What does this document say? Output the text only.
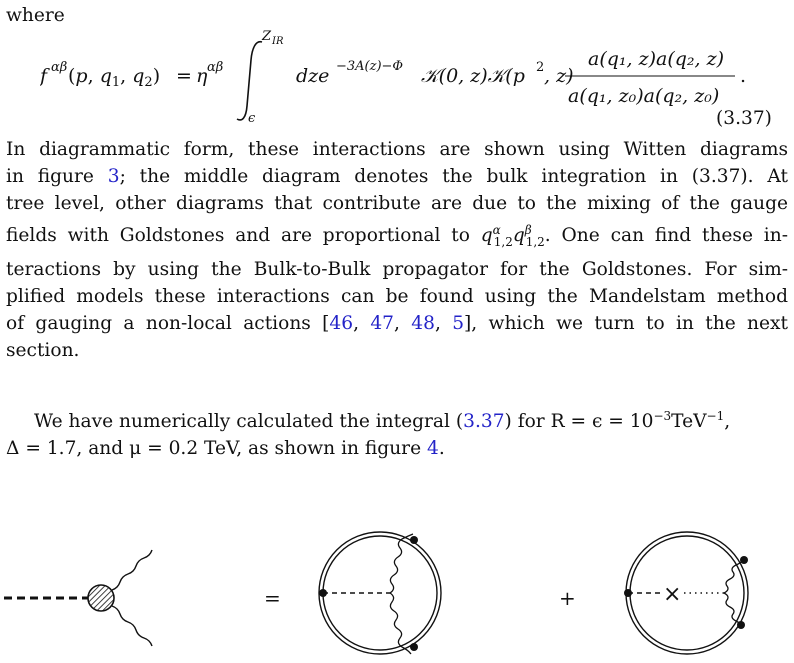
where
f αβ (p, $q_1$, $q_2) = \eta$ αβ
Z IR
ϵ
dze −3A(z)−Φ 𝒦(0, z)𝒦(p 2 , z)
a(q₁, z)a(q₂, z)
a(q₁, z₀)a(q₂, z₀)
.
(3.37)
In diagrammatic form, these interactions are shown using Witten diagrams
in figure 3; the middle diagram denotes the bulk integration in (3.37). At
tree level, other diagrams that contribute are due to the mixing of the gauge
fields with Goldstones and are proportional to $q^\alpha_{1,2}q^\beta_{1,2}$. One can find these in-
teractions by using the Bulk-to-Bulk propagator for the Goldstones. For sim-
plified models these interactions can be found using the Mandelstam method
of gauging a non-local actions [46, 47, 48, 5], which we turn to in the next
section.
We have numerically calculated the integral (3.37) for $R = \epsilon = 10^{-3}TeV^{-1}$,
Δ = 1.7, and μ = 0.2 TeV, as shown in figure 4.
=	+	×
